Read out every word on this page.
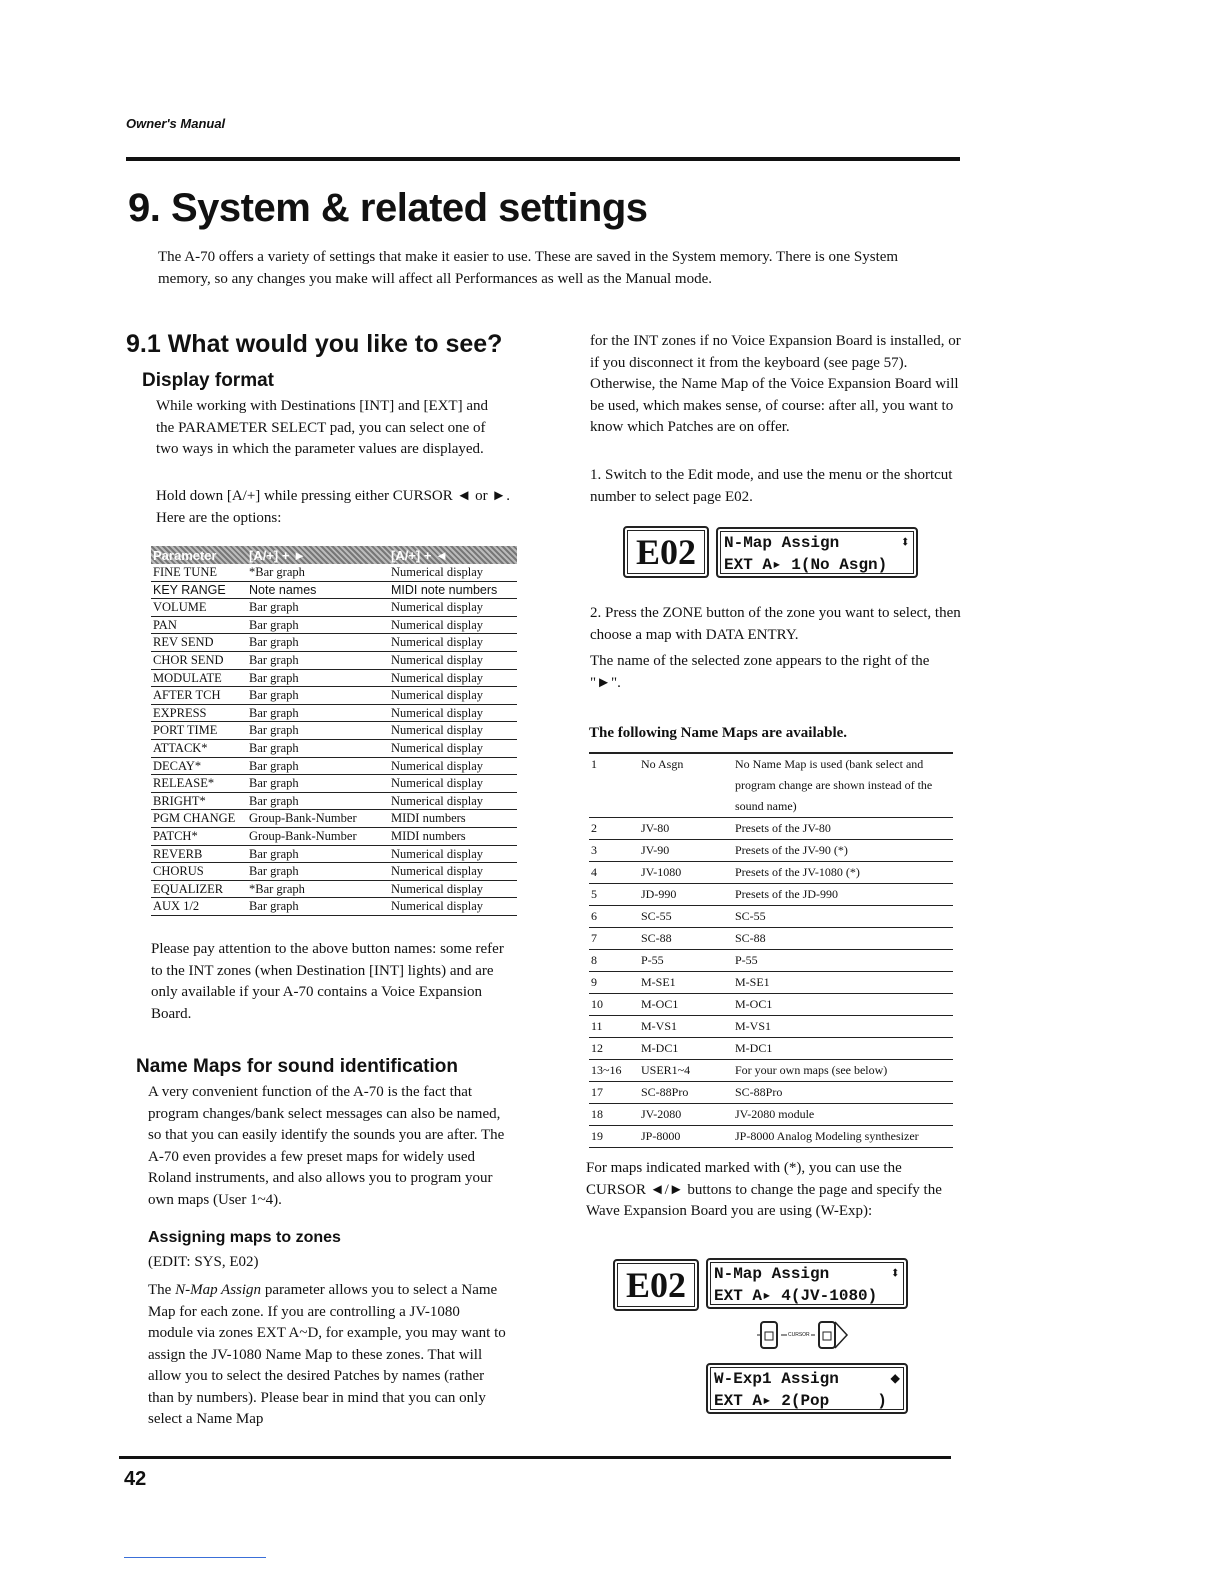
Owner's Manual
9. System & related settings
The A-70 offers a variety of settings that make it easier to use. These are saved in the System memory. There is one System memory, so any changes you make will affect all Performances as well as the Manual mode.
9.1 What would you like to see?
Display format
While working with Destinations [INT] and [EXT] and the PARAMETER SELECT pad, you can select one of two ways in which the parameter values are displayed.
Hold down [A/+] while pressing either CURSOR ◄ or ►. Here are the options:
Parameter	[A/+] + ►	[A/+] + ◄
FINE TUNE	*Bar graph	Numerical display
KEY RANGE	Note names	MIDI note numbers
VOLUME	Bar graph	Numerical display
PAN	Bar graph	Numerical display
REV SEND	Bar graph	Numerical display
CHOR SEND	Bar graph	Numerical display
MODULATE	Bar graph	Numerical display
AFTER TCH	Bar graph	Numerical display
EXPRESS	Bar graph	Numerical display
PORT TIME	Bar graph	Numerical display
ATTACK*	Bar graph	Numerical display
DECAY*	Bar graph	Numerical display
RELEASE*	Bar graph	Numerical display
BRIGHT*	Bar graph	Numerical display
PGM CHANGE	Group-Bank-Number	MIDI numbers
PATCH*	Group-Bank-Number	MIDI numbers
REVERB	Bar graph	Numerical display
CHORUS	Bar graph	Numerical display
EQUALIZER	*Bar graph	Numerical display
AUX 1/2	Bar graph	Numerical display
Please pay attention to the above button names: some refer to the INT zones (when Destination [INT] lights) and are only available if your A-70 contains a Voice Expansion Board.
Name Maps for sound identification
A very convenient function of the A-70 is the fact that program changes/bank select messages can also be named, so that you can easily identify the sounds you are after. The A-70 even provides a few preset maps for widely used Roland instruments, and also allows you to program your own maps (User 1~4).
Assigning maps to zones
(EDIT: SYS, E02)
The N-Map Assign parameter allows you to select a Name Map for each zone. If you are controlling a JV-1080 module via zones EXT A~D, for example, you may want to assign the JV-1080 Name Map to these zones. That will allow you to select the desired Patches by names (rather than by numbers). Please bear in mind that you can only select a Name Map
for the INT zones if no Voice Expansion Board is installed, or if you disconnect it from the keyboard (see page 57). Otherwise, the Name Map of the Voice Expansion Board will be used, which makes sense, of course: after all, you want to know which Patches are on offer.
1. Switch to the Edit mode, and use the menu or the shortcut number to select page E02.
E02	N-Map Assign	⬍
EXT A▸ 1(No Asgn)
2. Press the ZONE button of the zone you want to select, then choose a map with DATA ENTRY.
The name of the selected zone appears to the right of the "►".
The following Name Maps are available.
1	No Asgn	No Name Map is used (bank select and program change are shown instead of the sound name)
2	JV-80	Presets of the JV-80
3	JV-90	Presets of the JV-90 (*)
4	JV-1080	Presets of the JV-1080 (*)
5	JD-990	Presets of the JD-990
6	SC-55	SC-55
7	SC-88	SC-88
8	P-55	P-55
9	M-SE1	M-SE1
10	M-OC1	M-OC1
11	M-VS1	M-VS1
12	M-DC1	M-DC1
13~16	USER1~4	For your own maps (see below)
17	SC-88Pro	SC-88Pro
18	JV-2080	JV-2080 module
19	JP-8000	JP-8000 Analog Modeling synthesizer
For maps indicated marked with (*), you can use the CURSOR ◄/► buttons to change the page and specify the Wave Expansion Board you are using (W-Exp):
E02	N-Map Assign	⬍
EXT A▸ 4(JV-1080)
CURSOR
W-Exp1 Assign	◆
EXT A▸ 2(Pop     )
42
